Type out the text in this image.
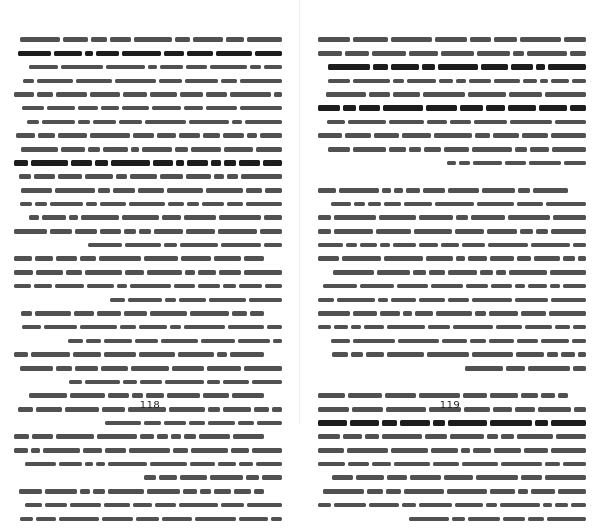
118	119
